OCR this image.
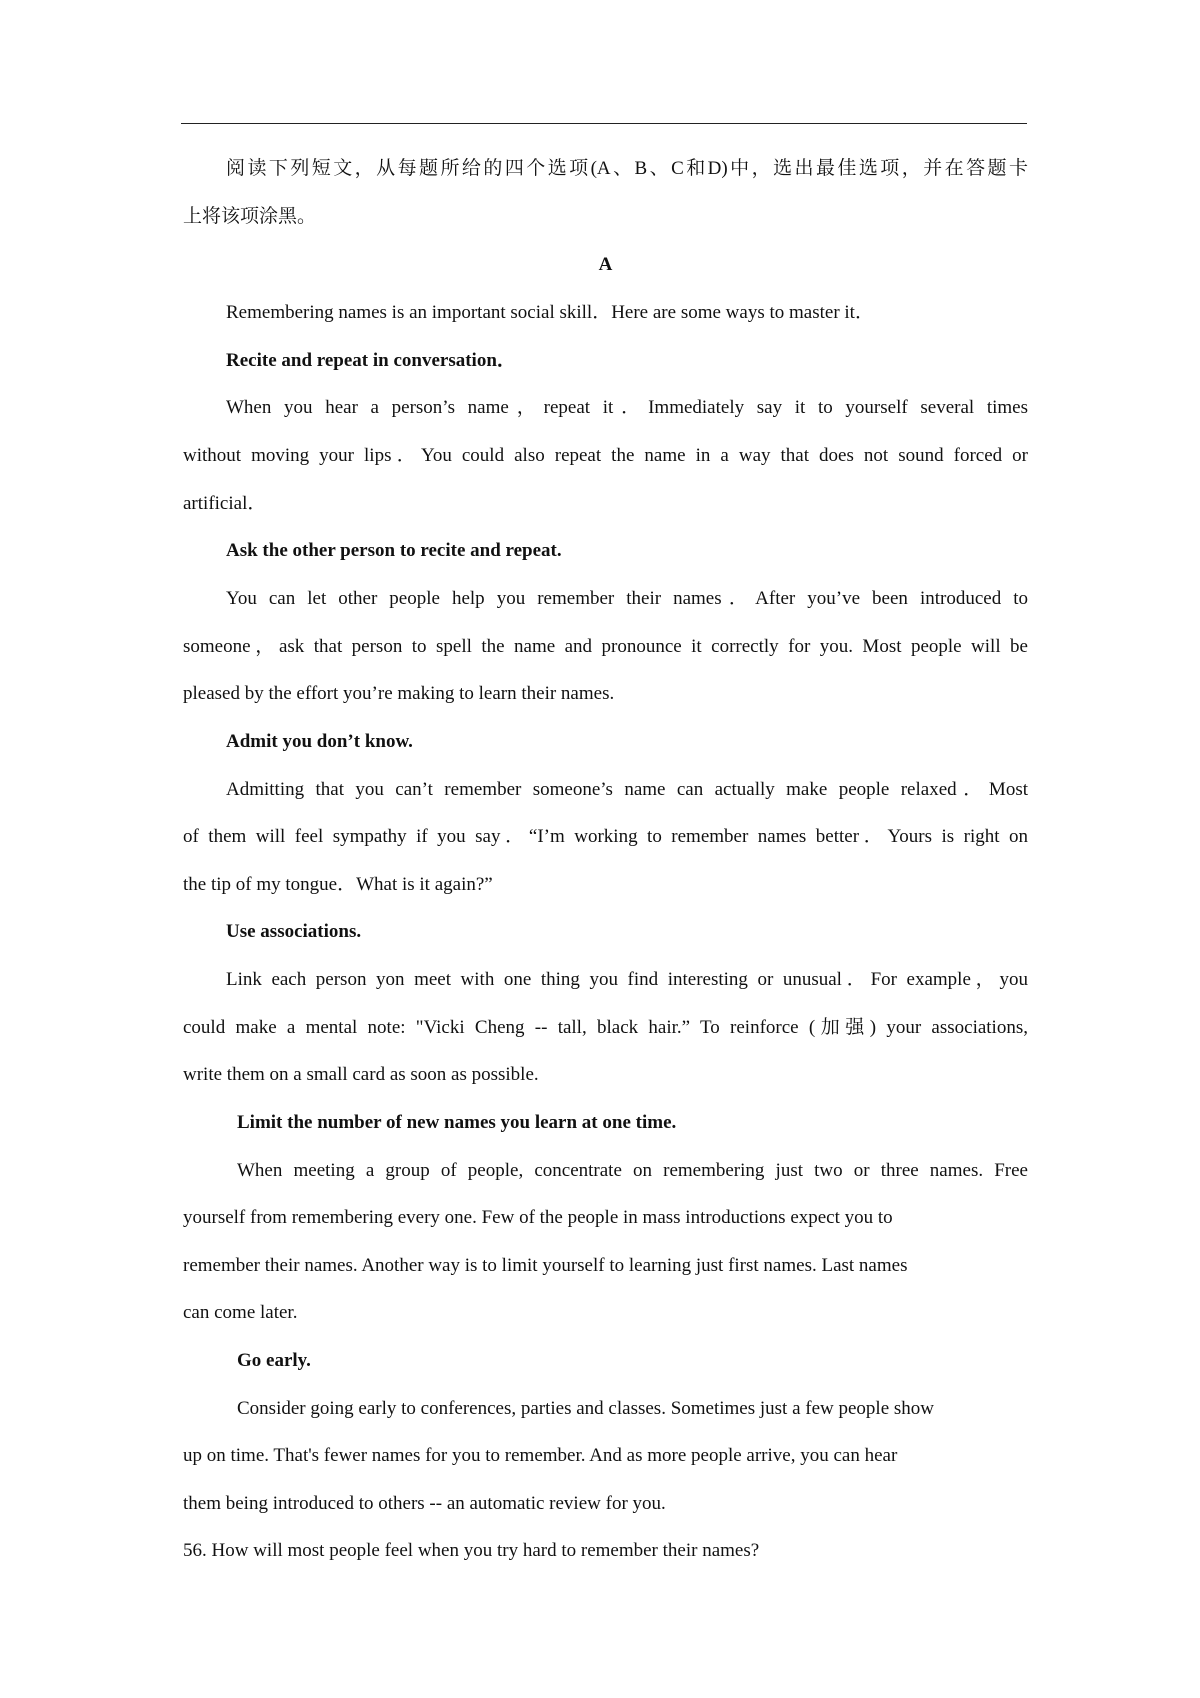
阅读下列短文，从每题所给的四个选项(A、B、C和D)中，选出最佳选项，并在答题卡
上将该项涂黑。
A
Remembering names is an important social skill．Here are some ways to master it．
Recite and repeat in conversation．
When you hear a person’s name，repeat it．Immediately say it to yourself several times
without moving your lips．You could also repeat the name in a way that does not sound forced or
artificial．
Ask the other person to recite and repeat.
You can let other people help you remember their names．After you’ve been introduced to
someone，ask that person to spell the name and pronounce it correctly for you. Most people will be
pleased by the effort you’re making to learn their names.
Admit you don’t know.
Admitting that you can’t remember someone’s name can actually make people relaxed．Most
of them will feel sympathy if you say．“I’m working to remember names better．Yours is right on
the tip of my tongue．What is it again?”
Use associations.
Link each person yon meet with one thing you find interesting or unusual．For example，you
could make a mental note: "Vicki Cheng -- tall, black hair.” To reinforce (加强) your associations,
write them on a small card as soon as possible.
Limit the number of new names you learn at one time.
When meeting a group of people, concentrate on remembering just two or three names. Free
yourself from remembering every one. Few of the people in mass introductions expect you to
remember their names. Another way is to limit yourself to learning just first names. Last names
can come later.
Go early.
Consider going early to conferences, parties and classes. Sometimes just a few people show
up on time. That's fewer names for you to remember. And as more people arrive, you can hear
them being introduced to others -- an automatic review for you.
56. How will most people feel when you try hard to remember their names?
